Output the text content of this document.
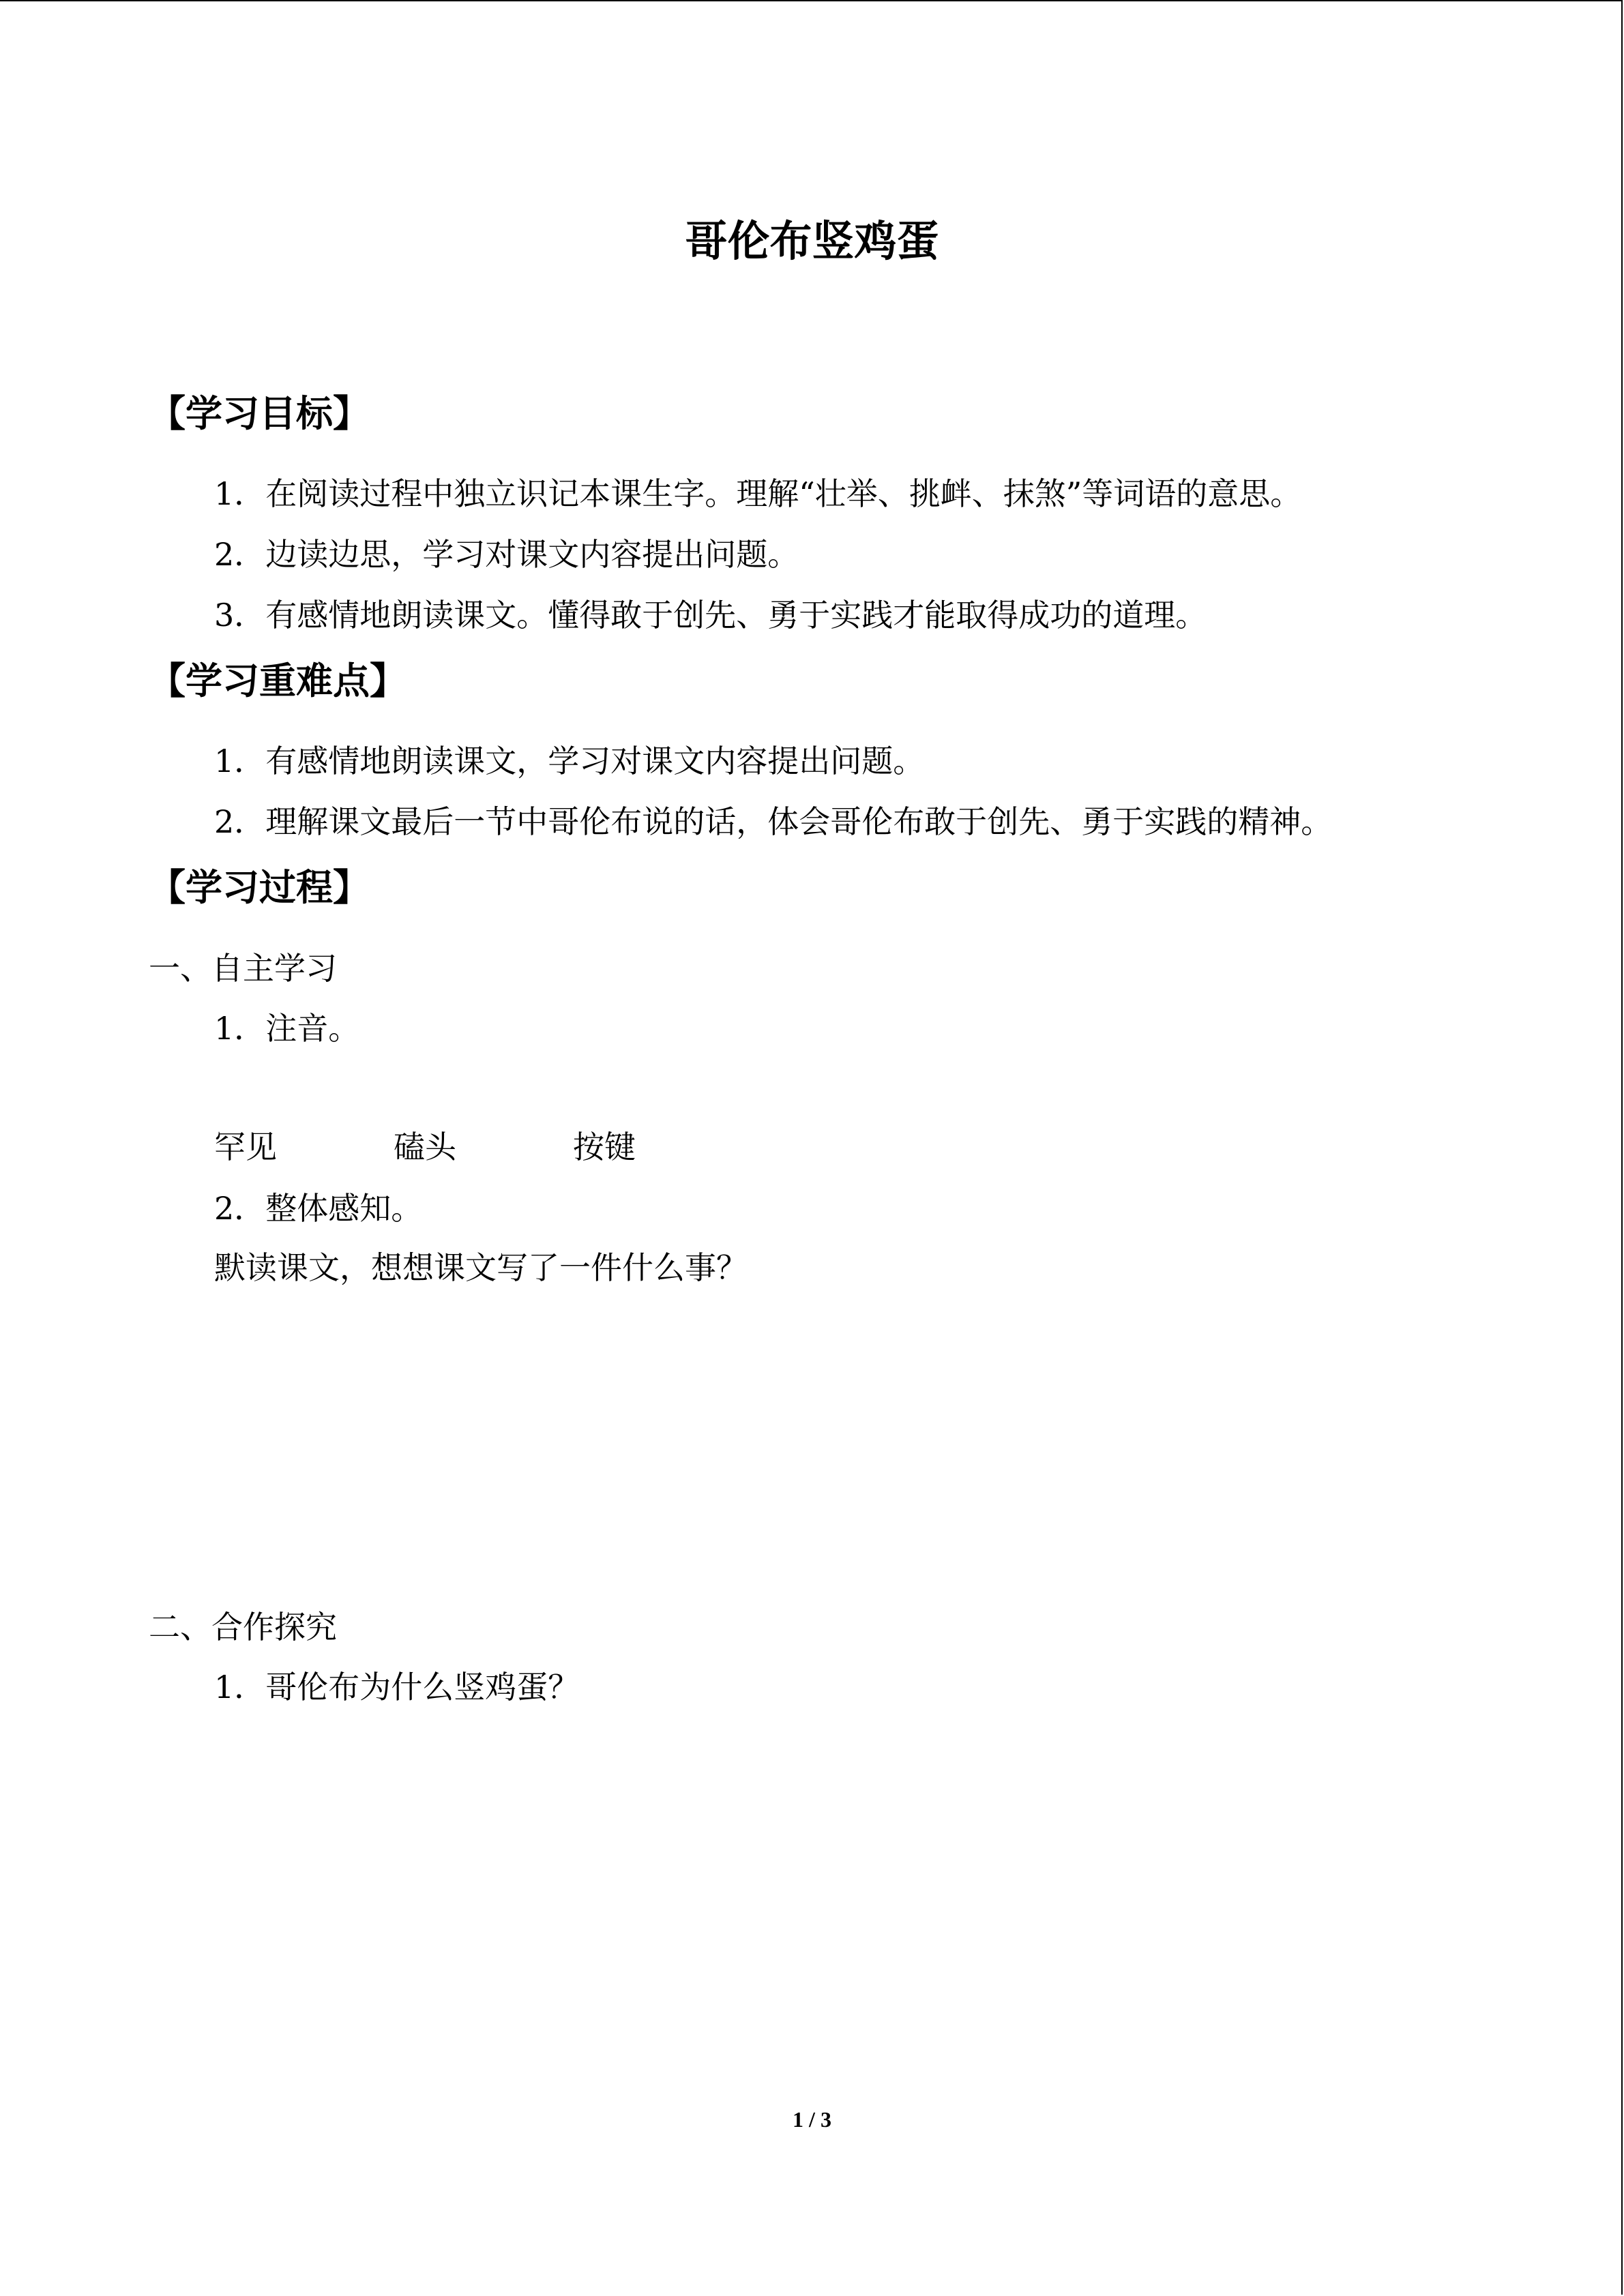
哥伦布竖鸡蛋
【学习目标】
1．在阅读过程中独立识记本课生字。理解“壮举、挑衅、抹煞”等词语的意思。
2．边读边思，学习对课文内容提出问题。
3．有感情地朗读课文。懂得敢于创先、勇于实践才能取得成功的道理。
【学习重难点】
1．有感情地朗读课文，学习对课文内容提出问题。
2．理解课文最后一节中哥伦布说的话，体会哥伦布敢于创先、勇于实践的精神。
【学习过程】
一、自主学习
1．注音。
罕见	磕头	按键
2．整体感知。
默读课文，想想课文写了一件什么事？
二、合作探究
1．哥伦布为什么竖鸡蛋？
1 / 3
